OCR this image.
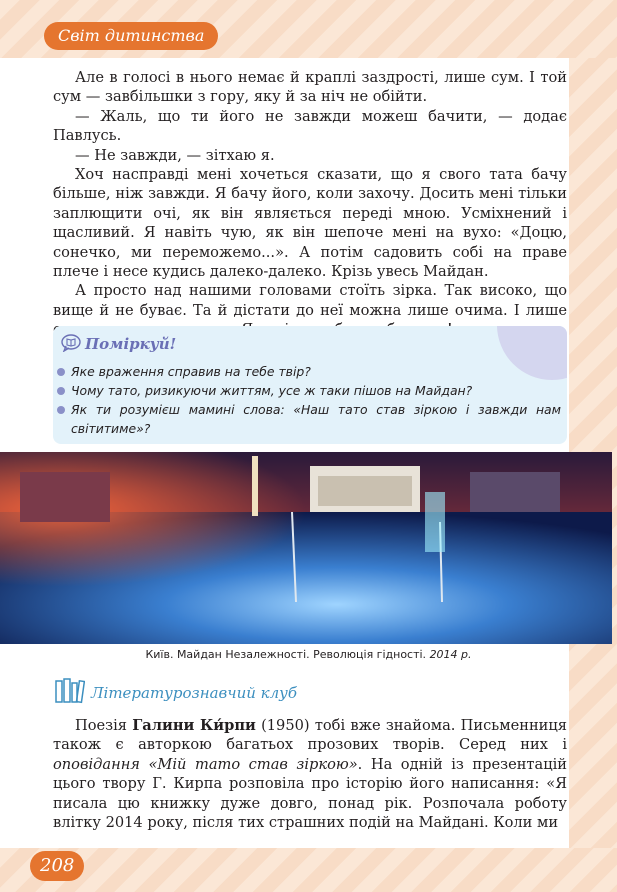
Світ дитинства

Але в голосі в нього немає й краплі заздрості, лише сум. І той сум — завбільшки з гору, яку й за ніч не обійти.

— Жаль, що ти його не завжди можеш бачити, — додає Павлусь.

— Не завжди, — зітхаю я.

Хоч насправді мені хочеться сказати, що я свого тата бачу більше, ніж завжди. Я бачу його, коли захочу. Досить мені тільки заплющити очі, як він являється переді мною. Усміхнений і щасливий. Я навіть чую, як він шепоче мені на вухо: «Доцю, сонечко, ми переможемо...». А потім садовить собі на праве плече і несе кудись далеко-далеко. Крізь увесь Майдан.

А просто над нашими головами стоїть зірка. Так високо, що вище й не буває. Та й дістати до неї можна лише очима. І лише

Поміркуй!
Яке враження справив на тебе твір?
Чому тато, ризикуючи життям, усе ж таки пішов на Майдан?
Як ти розумієш мамині слова: «Наш тато став зіркою і завжди нам світитиме»?
Київ. Майдан Незалежності. Революція гідності. 2014 р.
Літературознавчий клуб

Поезія Галини Ки́рпи (1950) тобі вже знайома. Письменниця також є авторкою багатьох прозових творів. Серед них і оповідання «Мій тато став зіркою». На одній із презентацій цього твору Г. Кирпа розповіла про історію його написання: «Я писала цю книжку дуже довго, понад рік. Розпочала роботу влітку 2014 року, після тих страшних подій на Майдані. Коли ми

208
